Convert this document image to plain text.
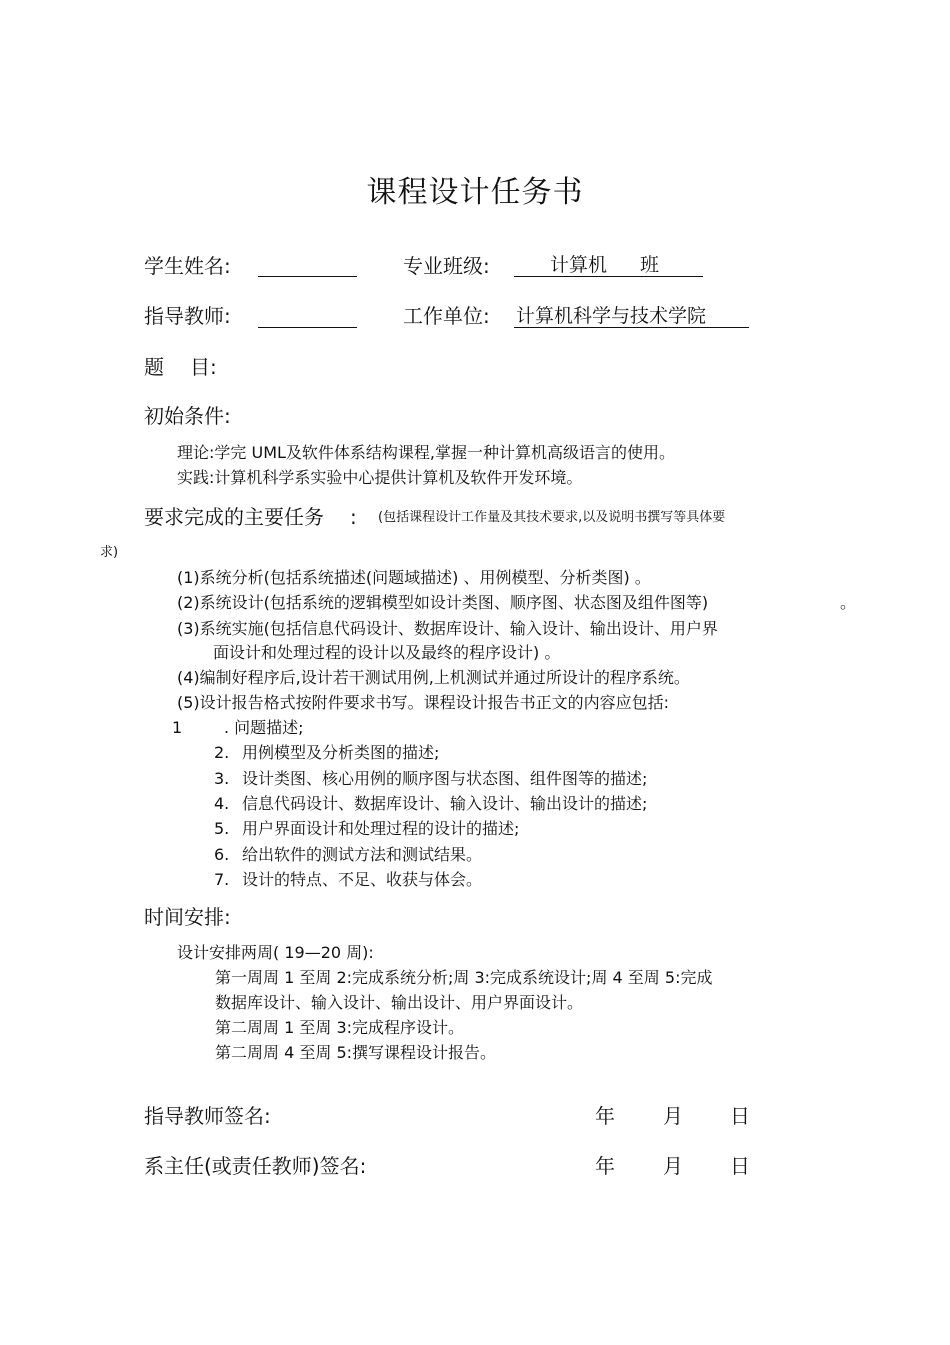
课程设计任务书
学生姓名:	专业班级:	计算机 班
指导教师:	工作单位: 计算机科学与技术学院
题 目:
初始条件:
理论:学完 UML及软件体系结构课程,掌握一种计算机高级语言的使用。
实践:计算机科学系实验中心提供计算机及软件开发环境。
要求完成的主要任务 : (包括课程设计工作量及其技术要求,以及说明书撰写等具体要
求)
(1)系统分析(包括系统描述(问题域描述) 、用例模型、分析类图) 。
(2)系统设计(包括系统的逻辑模型如设计类图、顺序图、状态图及组件图等)	。
(3)系统实施(包括信息代码设计、数据库设计、输入设计、输出设计、用户界
面设计和处理过程的设计以及最终的程序设计) 。
(4)编制好程序后,设计若干测试用例,上机测试并通过所设计的程序系统。
(5)设计报告格式按附件要求书写。课程设计报告书正文的内容应包括:
1	. 问题描述;
2. 用例模型及分析类图的描述;
3. 设计类图、核心用例的顺序图与状态图、组件图等的描述;
4. 信息代码设计、数据库设计、输入设计、输出设计的描述;
5. 用户界面设计和处理过程的设计的描述;
6. 给出软件的测试方法和测试结果。
7. 设计的特点、不足、收获与体会。
时间安排:
设计安排两周( 19—20 周):
第一周周 1 至周 2:完成系统分析;周 3:完成系统设计;周 4 至周 5:完成
数据库设计、输入设计、输出设计、用户界面设计。
第二周周 1 至周 3:完成程序设计。
第二周周 4 至周 5:撰写课程设计报告。
指导教师签名:	年 月 日
系主任(或责任教师)签名:	年 月 日
